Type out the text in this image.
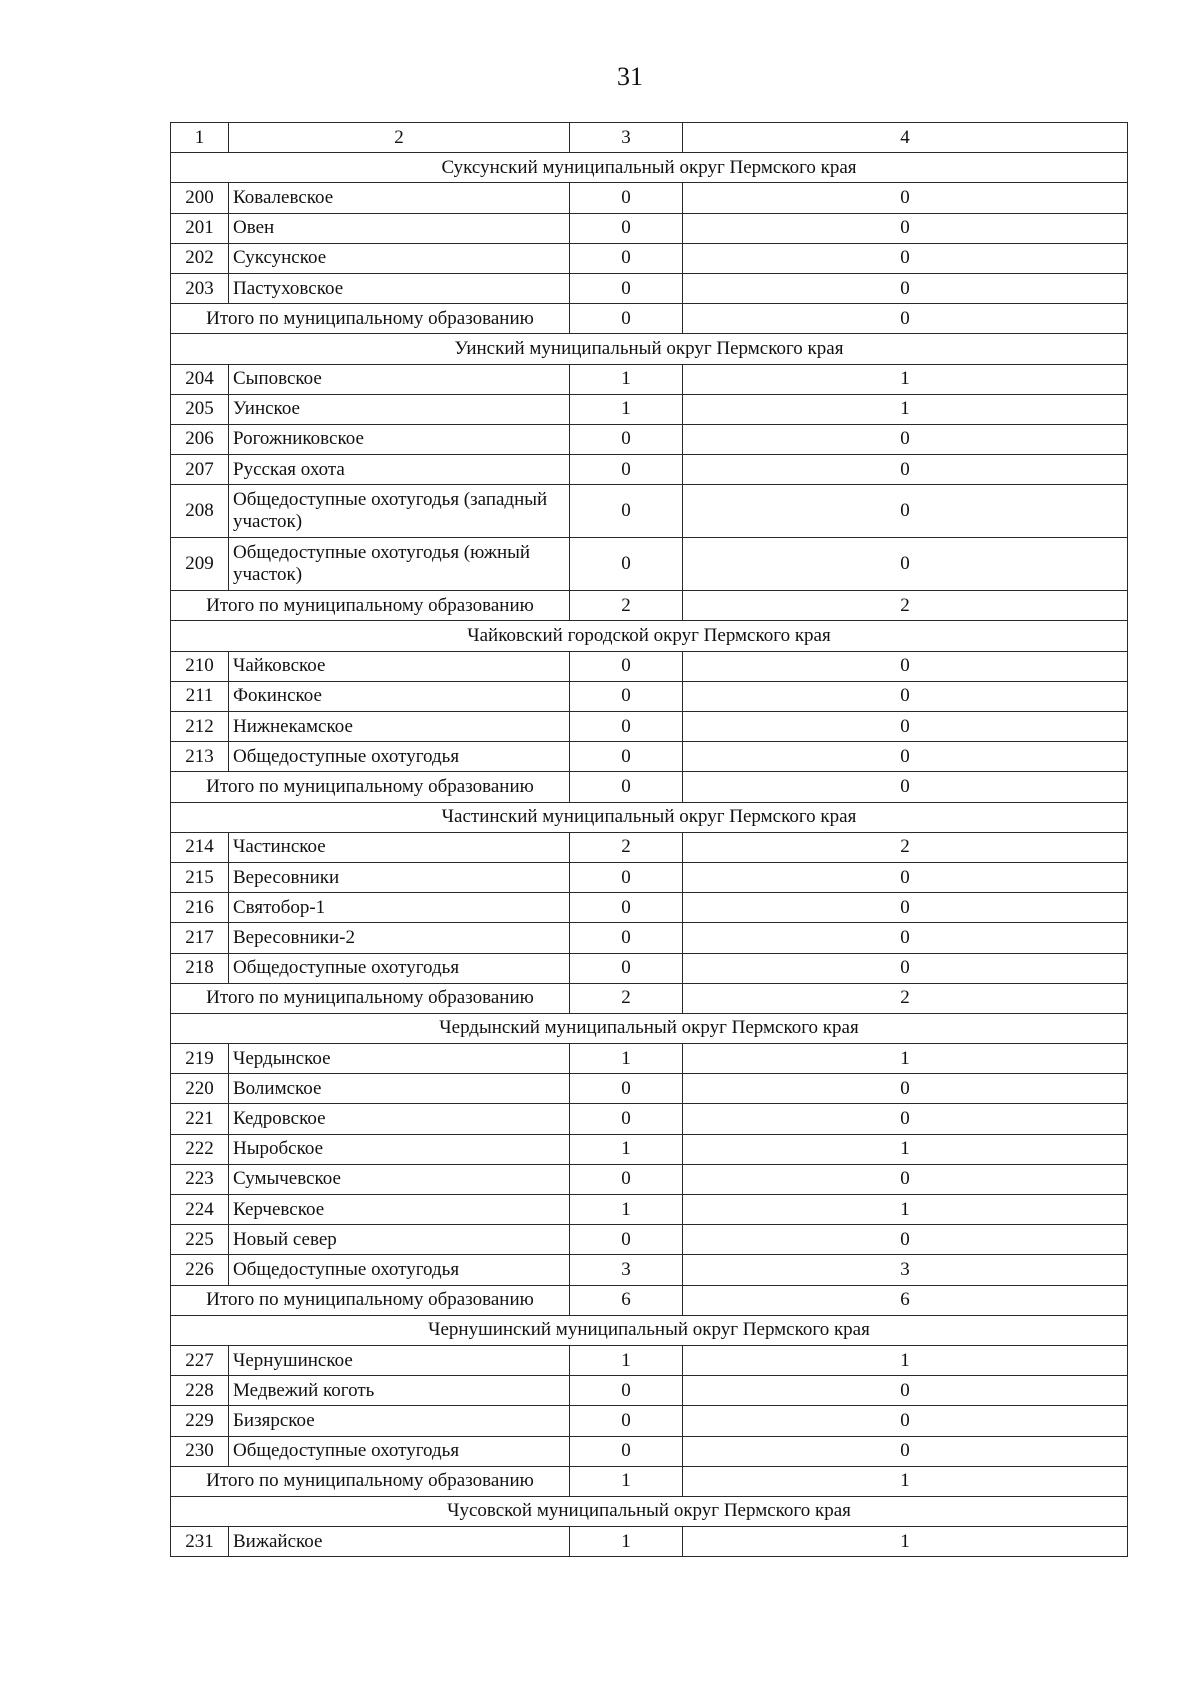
31
1	2	3	4
Суксунский муниципальный округ Пермского края			
200	Ковалевское	0	0
201	Овен	0	0
202	Суксунское	0	0
203	Пастуховское	0	0
Итого по муниципальному образованию		0	0
Уинский муниципальный округ Пермского края			
204	Сыповское	1	1
205	Уинское	1	1
206	Рогожниковское	0	0
207	Русская охота	0	0
208	Общедоступные охотугодья (западный участок)	0	0
209	Общедоступные охотугодья (южный участок)	0	0
Итого по муниципальному образованию		2	2
Чайковский городской округ Пермского края			
210	Чайковское	0	0
211	Фокинское	0	0
212	Нижнекамское	0	0
213	Общедоступные охотугодья	0	0
Итого по муниципальному образованию		0	0
Частинский муниципальный округ Пермского края			
214	Частинское	2	2
215	Вересовники	0	0
216	Святобор-1	0	0
217	Вересовники-2	0	0
218	Общедоступные охотугодья	0	0
Итого по муниципальному образованию		2	2
Чердынский муниципальный округ Пермского края			
219	Чердынское	1	1
220	Волимское	0	0
221	Кедровское	0	0
222	Ныробское	1	1
223	Сумычевское	0	0
224	Керчевское	1	1
225	Новый север	0	0
226	Общедоступные охотугодья	3	3
Итого по муниципальному образованию		6	6
Чернушинский муниципальный округ Пермского края			
227	Чернушинское	1	1
228	Медвежий коготь	0	0
229	Бизярское	0	0
230	Общедоступные охотугодья	0	0
Итого по муниципальному образованию		1	1
Чусовской муниципальный округ Пермского края			
231	Вижайское	1	1
